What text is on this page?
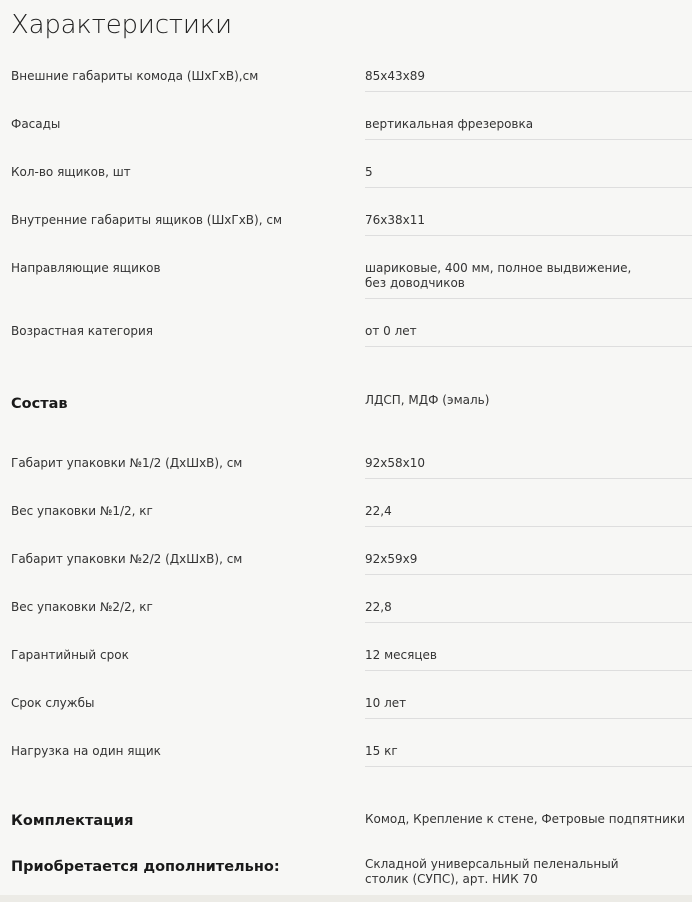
Характеристики
Внешние габариты комода (ШхГхВ),см	85х43х89
Фасады	вертикальная фрезеровка
Кол-во ящиков, шт	5
Внутренние габариты ящиков (ШхГхВ), см	76х38х11
Направляющие ящиков	шариковые, 400 мм, полное выдвижение, без доводчиков
Возрастная категория	от 0 лет
Состав	ЛДСП, МДФ (эмаль)
Габарит упаковки №1/2 (ДхШхВ), см	92х58х10
Вес упаковки №1/2, кг	22,4
Габарит упаковки №2/2 (ДхШхВ), см	92х59х9
Вес упаковки №2/2, кг	22,8
Гарантийный срок	12 месяцев
Срок службы	10 лет
Нагрузка на один ящик	15 кг
Комплектация	Комод, Крепление к стене, Фетровые подпятники
Приобретается дополнительно:	Складной универсальный пеленальный столик (СУПС), арт. НИК 70
